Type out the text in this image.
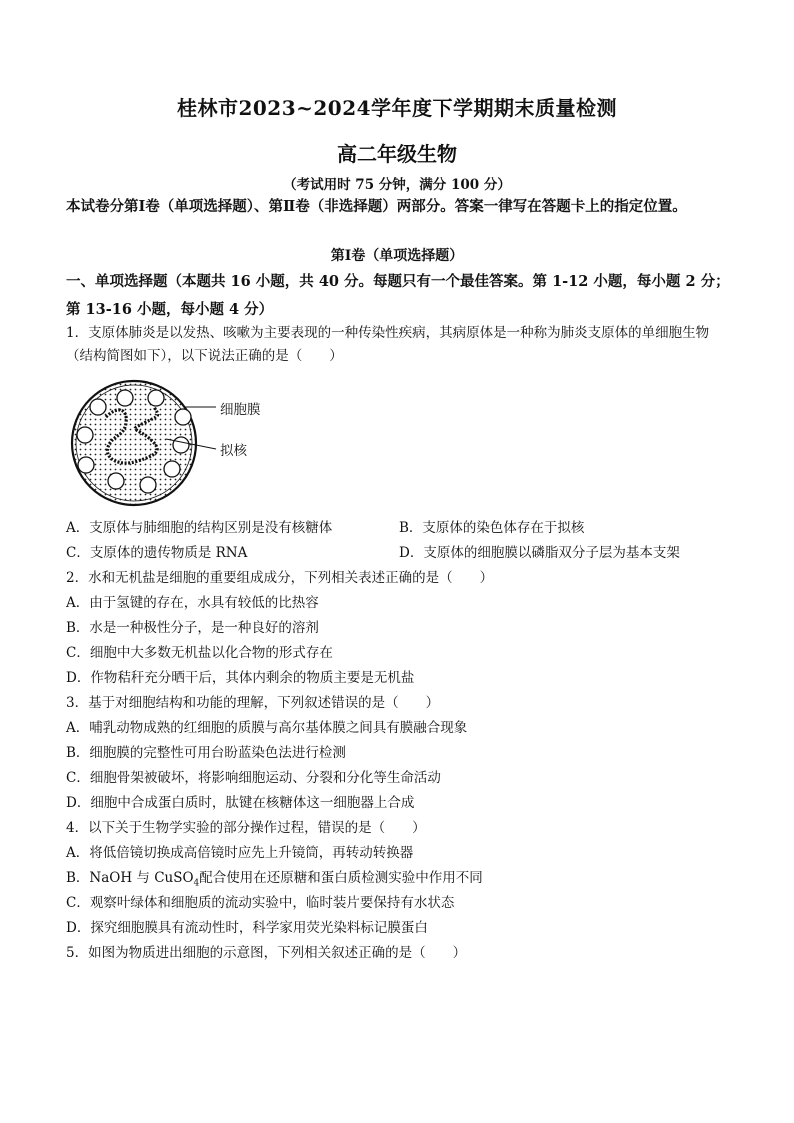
桂林市2023~2024学年度下学期期末质量检测
高二年级生物
（考试用时 75 分钟，满分 100 分）
本试卷分第Ⅰ卷（单项选择题）、第Ⅱ卷（非选择题）两部分。答案一律写在答题卡上的指定位置。
第Ⅰ卷（单项选择题）
一、单项选择题（本题共 16 小题，共 40 分。每题只有一个最佳答案。第 1-12 小题，每小题 2 分；第 13-16 小题，每小题 4 分）
1．支原体肺炎是以发热、咳嗽为主要表现的一种传染性疾病，其病原体是一种称为肺炎支原体的单细胞生物
（结构简图如下），以下说法正确的是（　　）
细胞膜
拟核
A．支原体与肺细胞的结构区别是没有核糖体	B．支原体的染色体存在于拟核
C．支原体的遗传物质是 RNA	D．支原体的细胞膜以磷脂双分子层为基本支架
2．水和无机盐是细胞的重要组成成分，下列相关表述正确的是（　　）
A．由于氢键的存在，水具有较低的比热容
B．水是一种极性分子，是一种良好的溶剂
C．细胞中大多数无机盐以化合物的形式存在
D．作物秸秆充分晒干后，其体内剩余的物质主要是无机盐
3．基于对细胞结构和功能的理解，下列叙述错误的是（　　）
A．哺乳动物成熟的红细胞的质膜与高尔基体膜之间具有膜融合现象
B．细胞膜的完整性可用台盼蓝染色法进行检测
C．细胞骨架被破坏，将影响细胞运动、分裂和分化等生命活动
D．细胞中合成蛋白质时，肽键在核糖体这一细胞器上合成
4．以下关于生物学实验的部分操作过程，错误的是（　　）
A．将低倍镜切换成高倍镜时应先上升镜筒，再转动转换器
B．NaOH 与 CuSO$_4$配合使用在还原糖和蛋白质检测实验中作用不同
C．观察叶绿体和细胞质的流动实验中，临时装片要保持有水状态
D．探究细胞膜具有流动性时，科学家用荧光染料标记膜蛋白
5．如图为物质进出细胞的示意图，下列相关叙述正确的是（　　）
